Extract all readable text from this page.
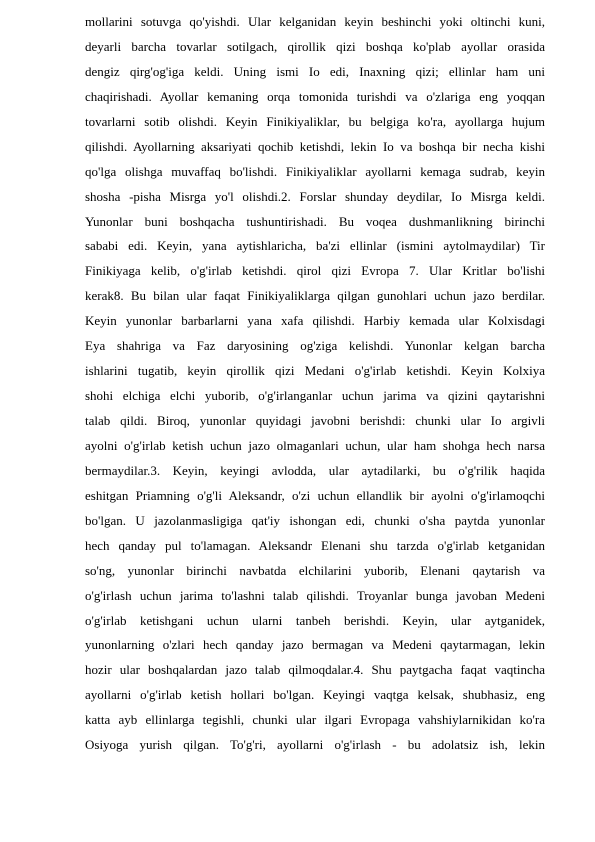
mollarini sotuvga qo'yishdi. Ular kelganidan keyin beshinchi yoki oltinchi kuni,
deyarli barcha tovarlar sotilgach, qirollik qizi boshqa ko'plab ayollar orasida
dengiz qirg'og'iga keldi. Uning ismi Io edi, Inaxning qizi; ellinlar ham uni
chaqirishadi. Ayollar kemaning orqa tomonida turishdi va o'zlariga eng yoqqan
tovarlarni sotib olishdi. Keyin Finikiyaliklar, bu belgiga ko'ra, ayollarga hujum
qilishdi. Ayollarning aksariyati qochib ketishdi, lekin Io va boshqa bir necha kishi
qo'lga olishga muvaffaq bo'lishdi. Finikiyaliklar ayollarni kemaga sudrab, keyin
shosha -pisha Misrga yo'l olishdi.2. Forslar shunday deydilar, Io Misrga keldi.
Yunonlar buni boshqacha tushuntirishadi. Bu voqea dushmanlikning birinchi
sababi edi. Keyin, yana aytishlaricha, ba'zi ellinlar (ismini aytolmaydilar) Tir
Finikiyaga kelib, o'g'irlab ketishdi. qirol qizi Evropa 7. Ular Kritlar bo'lishi
kerak8. Bu bilan ular faqat Finikiyaliklarga qilgan gunohlari uchun jazo berdilar.
Keyin yunonlar barbarlarni yana xafa qilishdi. Harbiy kemada ular Kolxisdagi
Eya shahriga va Faz daryosining og'ziga kelishdi. Yunonlar kelgan barcha
ishlarini tugatib, keyin qirollik qizi Medani o'g'irlab ketishdi. Keyin Kolxiya
shohi elchiga elchi yuborib, o'g'irlanganlar uchun jarima va qizini qaytarishni
talab qildi. Biroq, yunonlar quyidagi javobni berishdi: chunki ular Io argivli
ayolni o'g'irlab ketish uchun jazo olmaganlari uchun, ular ham shohga hech narsa
bermaydilar.3. Keyin, keyingi avlodda, ular aytadilarki, bu o'g'rilik haqida
eshitgan Priamning o'g'li Aleksandr, o'zi uchun ellandlik bir ayolni o'g'irlamoqchi
bo'lgan. U jazolanmasligiga qat'iy ishongan edi, chunki o'sha paytda yunonlar
hech qanday pul to'lamagan. Aleksandr Elenani shu tarzda o'g'irlab ketganidan
so'ng, yunonlar birinchi navbatda elchilarini yuborib, Elenani qaytarish va
o'g'irlash uchun jarima to'lashni talab qilishdi. Troyanlar bunga javoban Medeni
o'g'irlab ketishgani uchun ularni tanbeh berishdi. Keyin, ular aytganidek,
yunonlarning o'zlari hech qanday jazo bermagan va Medeni qaytarmagan, lekin
hozir ular boshqalardan jazo talab qilmoqdalar.4. Shu paytgacha faqat vaqtincha
ayollarni o'g'irlab ketish hollari bo'lgan. Keyingi vaqtga kelsak, shubhasiz, eng
katta ayb ellinlarga tegishli, chunki ular ilgari Evropaga vahshiylarnikidan ko'ra
Osiyoga yurish qilgan. To'g'ri, ayollarni o'g'irlash - bu adolatsiz ish, lekin
